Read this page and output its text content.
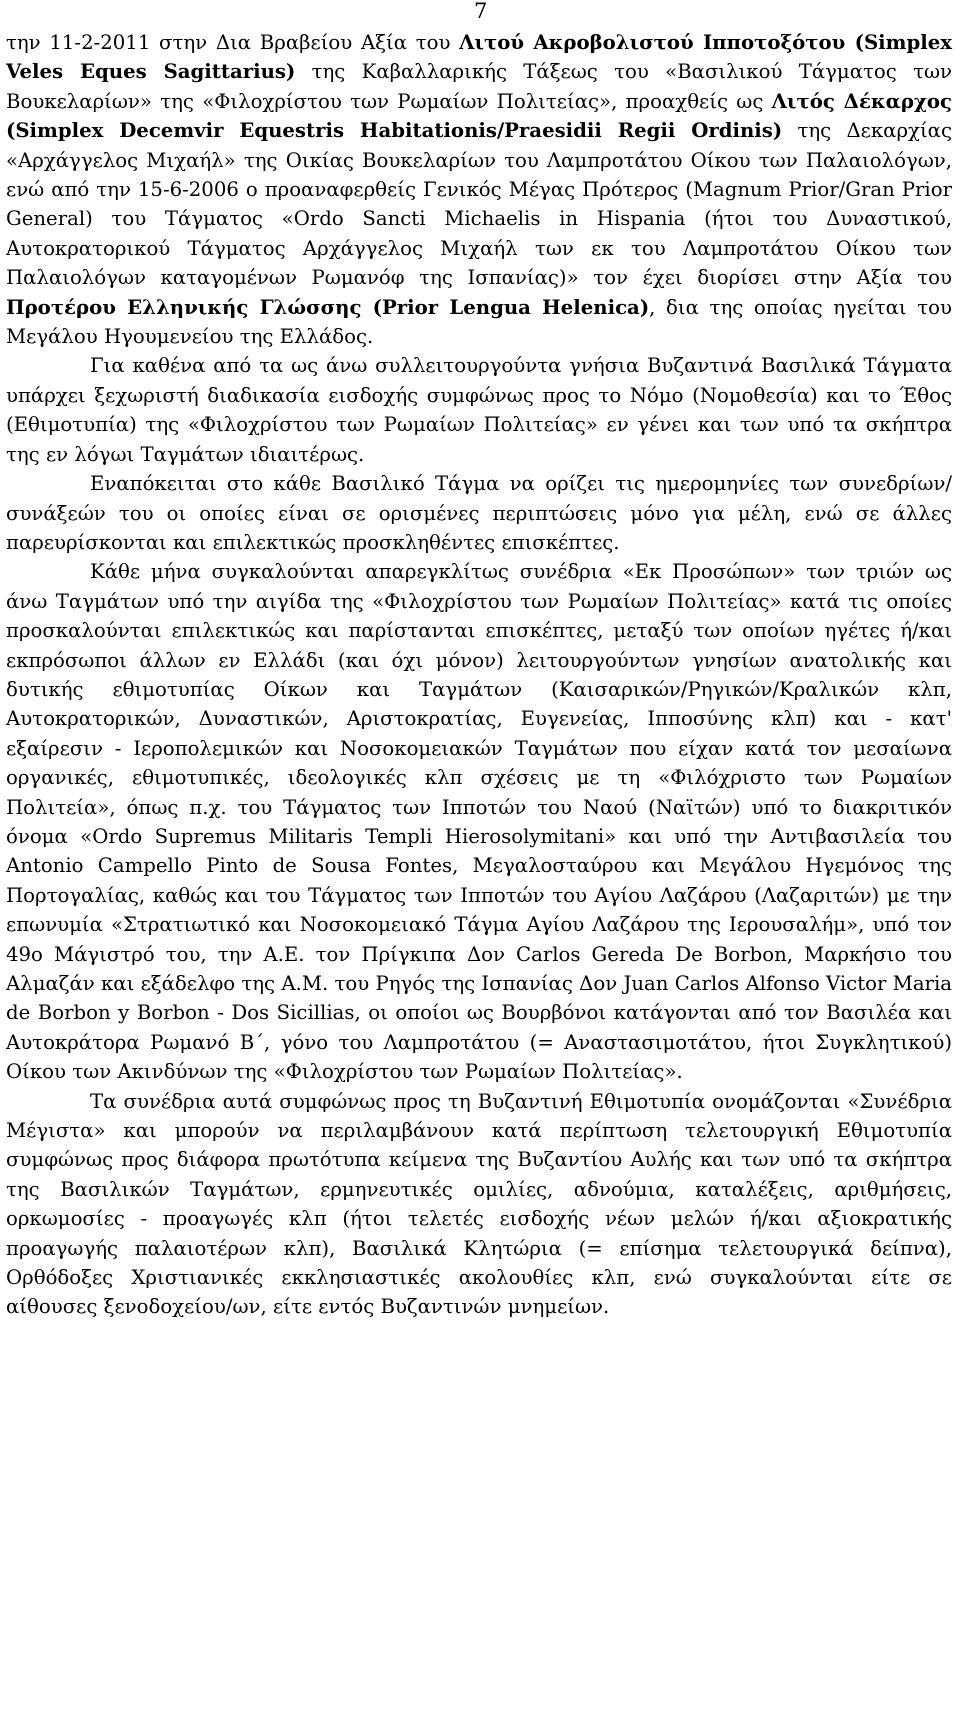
7

την 11-2-2011 στην Δια Βραβείου Αξία του Λιτού Ακροβολιστού Ιπποτοξότου (Simplex Veles Eques Sagittarius) της Καβαλλαρικής Τάξεως του «Βασιλικού Τάγματος των Βουκελαρίων» της «Φιλοχρίστου των Ρωμαίων Πολιτείας», προαχθείς ως Λιτός Δέκαρχος (Simplex Decemvir Equestris Habitationis/Praesidii Regii Ordinis) της Δεκαρχίας «Αρχάγγελος Μιχαήλ» της Οικίας Βουκελαρίων του Λαμπροτάτου Οίκου των Παλαιολόγων, ενώ από την 15-6-2006 ο προαναφερθείς Γενικός Μέγας Πρότερος (Magnum Prior/Gran Prior General) του Τάγματος «Ordo Sancti Michaelis in Hispania (ήτοι του Δυναστικού, Αυτοκρατορικού Τάγματος Αρχάγγελος Μιχαήλ των εκ του Λαμπροτάτου Οίκου των Παλαιολόγων καταγομένων Ρωμανόφ της Ισπανίας)» τον έχει διορίσει στην Αξία του Προτέρου Ελληνικής Γλώσσης (Prior Lengua Helenica), δια της οποίας ηγείται του Μεγάλου Ηγουμενείου της Ελλάδος.

Για καθένα από τα ως άνω συλλειτουργούντα γνήσια Βυζαντινά Βασιλικά Τάγματα υπάρχει ξεχωριστή διαδικασία εισδοχής συμφώνως προς το Νόμο (Νομοθεσία) και το Έθος (Εθιμοτυπία) της «Φιλοχρίστου των Ρωμαίων Πολιτείας» εν γένει και των υπό τα σκήπτρα της εν λόγωι Ταγμάτων ιδιαιτέρως.

Εναπόκειται στο κάθε Βασιλικό Τάγμα να ορίζει τις ημερομηνίες των συνεδρίων/συνάξεών του οι οποίες είναι σε ορισμένες περιπτώσεις μόνο για μέλη, ενώ σε άλλες παρευρίσκονται και επιλεκτικώς προσκληθέντες επισκέπτες.

Κάθε μήνα συγκαλούνται απαρεγκλίτως συνέδρια «Εκ Προσώπων» των τριών ως άνω Ταγμάτων υπό την αιγίδα της «Φιλοχρίστου των Ρωμαίων Πολιτείας» κατά τις οποίες προσκαλούνται επιλεκτικώς και παρίστανται επισκέπτες, μεταξύ των οποίων ηγέτες ή/και εκπρόσωποι άλλων εν Ελλάδι (και όχι μόνον) λειτουργούντων γνησίων ανατολικής και δυτικής εθιμοτυπίας Οίκων και Ταγμάτων (Καισαρικών/Ρηγικών/Κραλικών κλπ, Αυτοκρατορικών, Δυναστικών, Αριστοκρατίας, Ευγενείας, Ιπποσύνης κλπ) και - κατ' εξαίρεσιν - Ιεροπολεμικών και Νοσοκομειακών Ταγμάτων που είχαν κατά τον μεσαίωνα οργανικές, εθιμοτυπικές, ιδεολογικές κλπ σχέσεις με τη «Φιλόχριστο των Ρωμαίων Πολιτεία», όπως π.χ. του Τάγματος των Ιπποτών του Ναού (Ναϊτών) υπό το διακριτικόν όνομα «Ordo Supremus Militaris Templi Hierosolymitani» και υπό την Αντιβασιλεία του Antonio Campello Pinto de Sousa Fontes, Μεγαλοσταύρου και Μεγάλου Ηγεμόνος της Πορτογαλίας, καθώς και του Τάγματος των Ιπποτών του Αγίου Λαζάρου (Λαζαριτών) με την επωνυμία «Στρατιωτικό και Νοσοκομειακό Τάγμα Αγίου Λαζάρου της Ιερουσαλήμ», υπό τον 49ο Μάγιστρό του, την Α.Ε. τον Πρίγκιπα Δον Carlos Gereda De Borbon, Μαρκήσιο του Αλμαζάν και εξάδελφο της Α.Μ. του Ρηγός της Ισπανίας Δον Juan Carlos Alfonso Victor Maria de Borbon y Borbon - Dos Sicillias, οι οποίοι ως Βουρβόνοι κατάγονται από τον Βασιλέα και Αυτοκράτορα Ρωμανό Β΄, γόνο του Λαμπροτάτου (= Αναστασιμοτάτου, ήτοι Συγκλητικού) Οίκου των Ακινδύνων της «Φιλοχρίστου των Ρωμαίων Πολιτείας».

Τα συνέδρια αυτά συμφώνως προς τη Βυζαντινή Εθιμοτυπία ονομάζονται «Συνέδρια Μέγιστα» και μπορούν να περιλαμβάνουν κατά περίπτωση τελετουργική Εθιμοτυπία συμφώνως προς διάφορα πρωτότυπα κείμενα της Βυζαντίου Αυλής και των υπό τα σκήπτρα της Βασιλικών Ταγμάτων, ερμηνευτικές ομιλίες, αδνούμια, καταλέξεις, αριθμήσεις, ορκωμοσίες - προαγωγές κλπ (ήτοι τελετές εισδοχής νέων μελών ή/και αξιοκρατικής προαγωγής παλαιοτέρων κλπ), Βασιλικά Κλητώρια (= επίσημα τελετουργικά δείπνα), Ορθόδοξες Χριστιανικές εκκλησιαστικές ακολουθίες κλπ, ενώ συγκαλούνται είτε σε αίθουσες ξενοδοχείου/ων, είτε εντός Βυζαντινών μνημείων.
